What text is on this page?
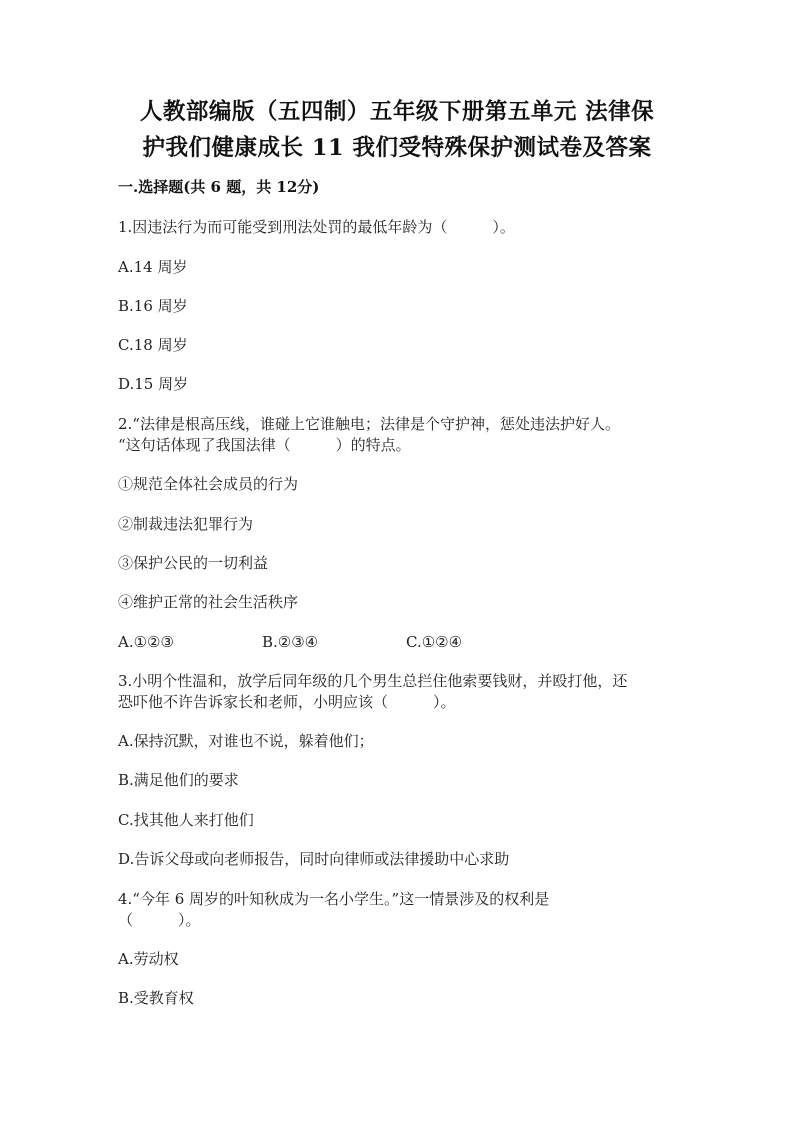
人教部编版（五四制）五年级下册第五单元 法律保
护我们健康成长 11 我们受特殊保护测试卷及答案
一.选择题(共 6 题，共 12分)
1.因违法行为而可能受到刑法处罚的最低年龄为（　　　）。
A.14 周岁
B.16 周岁
C.18 周岁
D.15 周岁
2.“法律是根高压线，谁碰上它谁触电；法律是个守护神，惩处违法护好人。
“这句话体现了我国法律（　　　）的特点。
①规范全体社会成员的行为
②制裁违法犯罪行为
③保护公民的一切利益
④维护正常的社会生活秩序
A.①②③	B.②③④	C.①②④
3.小明个性温和，放学后同年级的几个男生总拦住他索要钱财，并殴打他，还
恐吓他不许告诉家长和老师，小明应该（　　　）。
A.保持沉默，对谁也不说，躲着他们；
B.满足他们的要求
C.找其他人来打他们
D.告诉父母或向老师报告，同时向律师或法律援助中心求助
4.“今年 6 周岁的叶知秋成为一名小学生。”这一情景涉及的权利是
（　　　）。
A.劳动权
B.受教育权
